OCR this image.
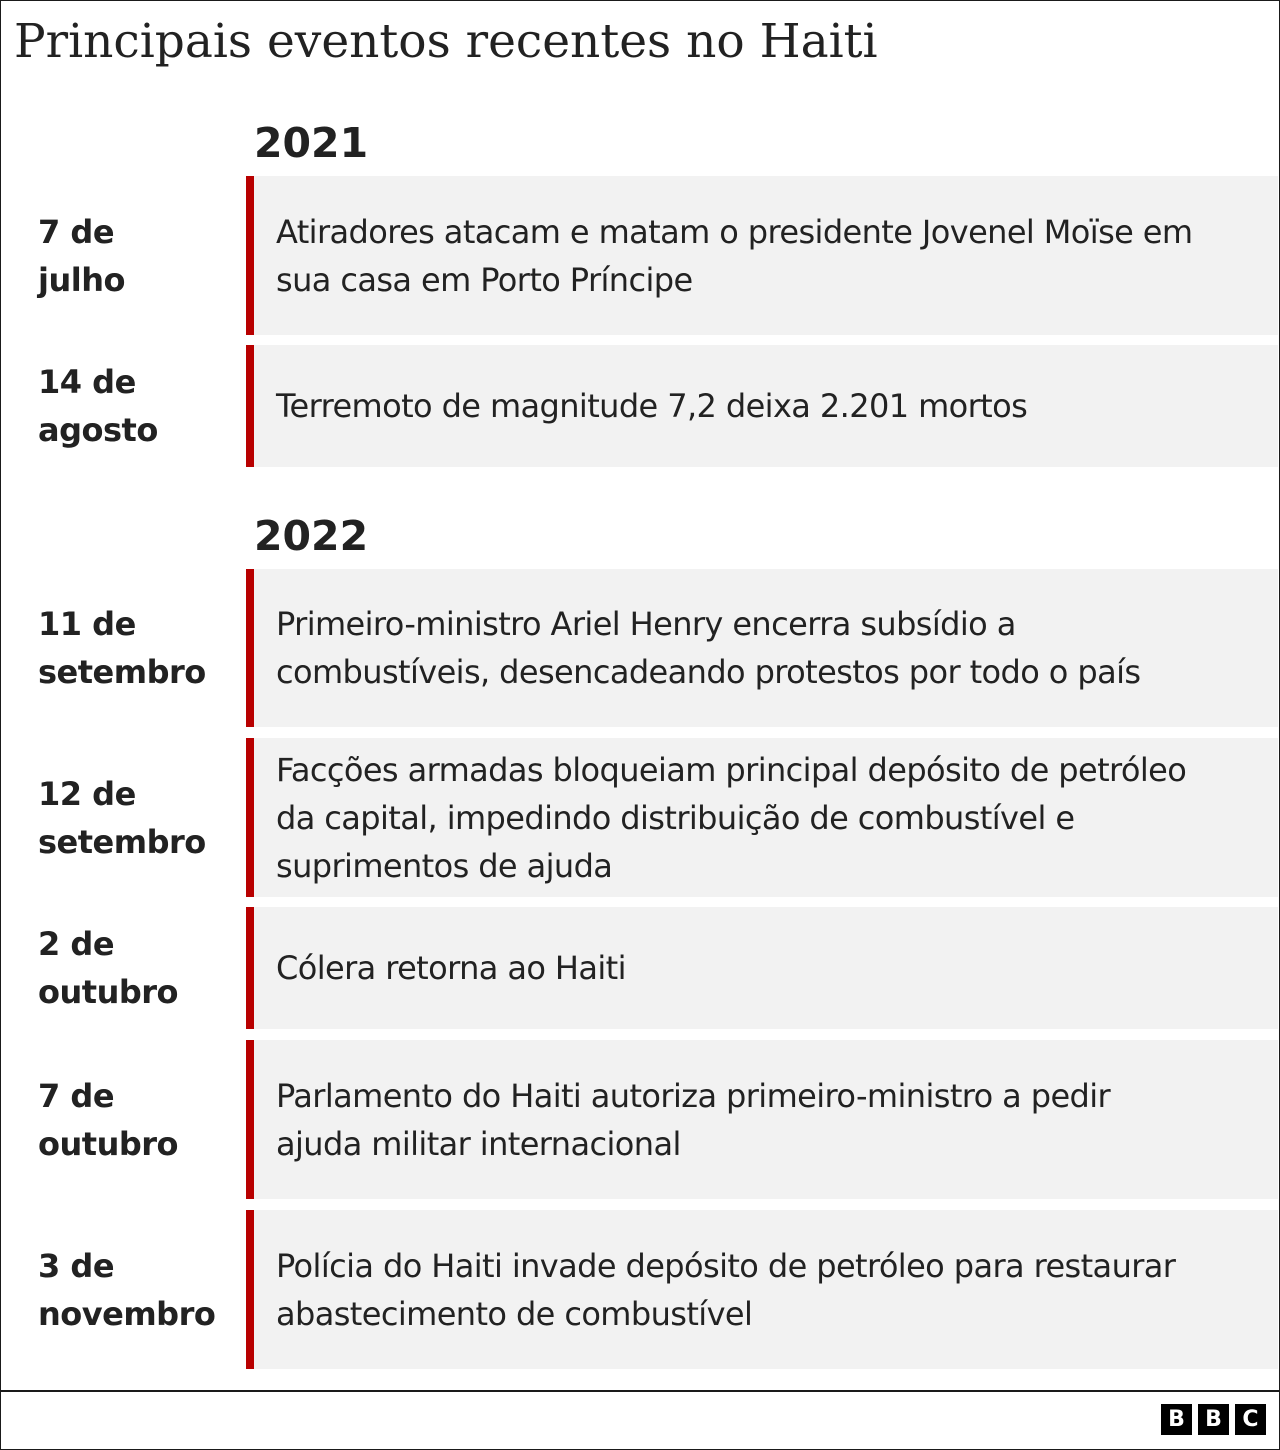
Principais eventos recentes no Haiti
2021
7 de julho
Atiradores atacam e matam o presidente Jovenel Moïse em sua casa em Porto Príncipe
14 de agosto
Terremoto de magnitude 7,2 deixa 2.201 mortos
2022
11 de setembro
Primeiro-ministro Ariel Henry encerra subsídio a combustíveis, desencadeando protestos por todo o país
12 de setembro
Facções armadas bloqueiam principal depósito de petróleo da capital, impedindo distribuição de combustível e suprimentos de ajuda
2 de outubro
Cólera retorna ao Haiti
7 de outubro
Parlamento do Haiti autoriza primeiro-ministro a pedir ajuda militar internacional
3 de novembro
Polícia do Haiti invade depósito de petróleo para restaurar abastecimento de combustível
B B C
